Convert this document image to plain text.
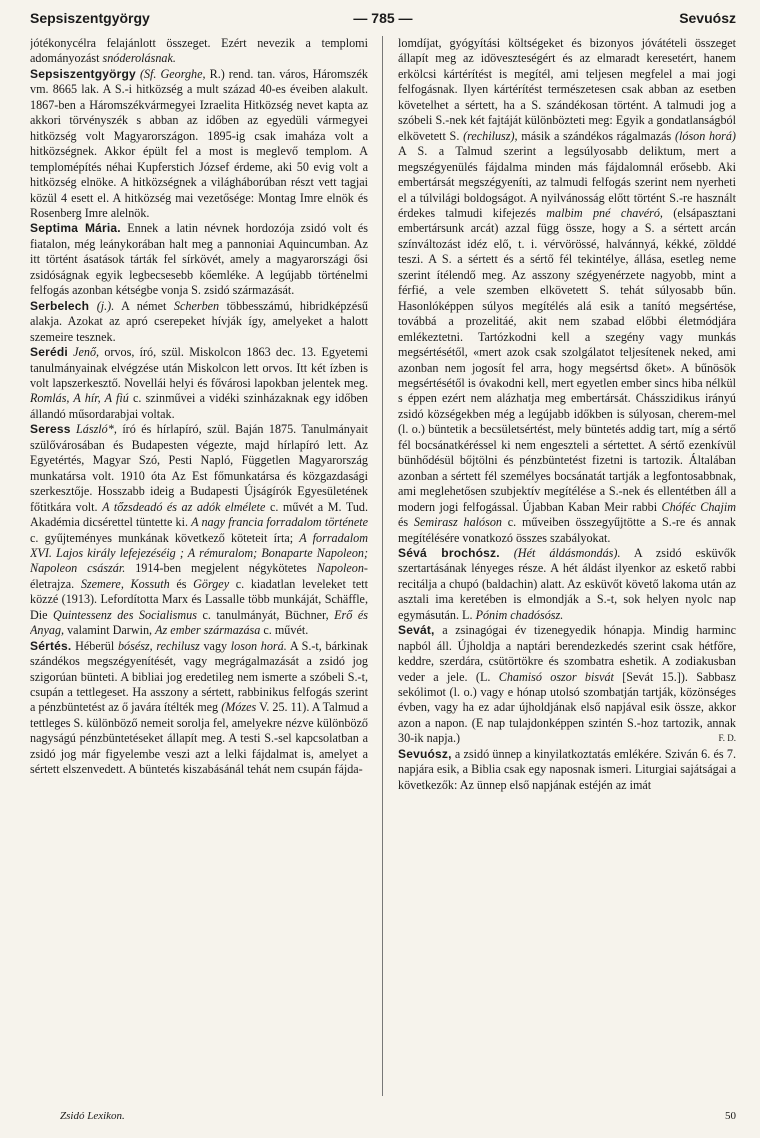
Sepsiszentgyörgy	— 785 —	Sevuósz

jótékonycélra felajánlott összeget. Ezért nevezik a templomi adományozást snóderolásnak.

Sepsiszentgyörgy (Sf. Georghe, R.) rend. tan. város, Háromszék vm. 8665 lak. A S.-i hitközség a mult század 40-es éveiben alakult. 1867-ben a Háromszékvármegyei Izraelita Hitközség nevet kapta az akkori törvényszék s abban az időben az egyedüli vármegyei hitközség volt Magyarországon. 1895-ig csak imaháza volt a hitközségnek. Akkor épült fel a most is meglevő templom. A templomépítés néhai Kupferstich József érdeme, aki 50 evig volt a hitközség elnöke. A hitközségnek a világháborúban részt vett tagjai közül 4 esett el. A hitközség mai vezetősége: Montag Imre elnök és Rosenberg Imre alelnök.

Septima Mária. Ennek a latin névnek hordozója zsidó volt és fiatalon, még leánykorában halt meg a pannoniai Aquincumban. Az itt történt ásatások tárták fel sírkövét, amely a magyarországi ősi zsidóságnak egyik legbecsesebb kőemléke. A legújabb történelmi felfogás azonban kétségbe vonja S. zsidó származását.

Serbelech (j.). A német Scherben többesszámú, hibridképzésű alakja. Azokat az apró cserepeket hívják így, amelyeket a halott szemeire tesznek.

Serédi Jenő, orvos, író, szül. Miskolcon 1863 dec. 13. Egyetemi tanulmányainak elvégzése után Miskolcon lett orvos. Itt két ízben is volt lapszerkesztő. Novellái helyi és fővárosi lapokban jelentek meg. Romlás, A hír, A fiú c. szinművei a vidéki szinházaknak egy időben állandó műsordarabjai voltak.

Seress László*, író és hírlapíró, szül. Baján 1875. Tanulmányait szülővárosában és Budapesten végezte, majd hírlapíró lett. Az Egyetértés, Magyar Szó, Pesti Napló, Független Magyarország munkatársa volt. 1910 óta Az Est főmunkatársa és közgazdasági szerkesztője. Hosszabb ideig a Budapesti Újságírók Egyesületének főtitkára volt. A tőzsdeadó és az adók elmélete c. művét a M. Tud. Akadémia dicsérettel tüntette ki. A nagy francia forradalom története c. gyűjteményes munkának következő köteteit írta; A forradalom XVI. Lajos király lefejezéséig ; A rémuralom; Bonaparte Napoleon; Napoleon császár. 1914-ben megjelent négykötetes Napoleon-életrajza. Szemere, Kossuth és Görgey c. kiadatlan leveleket tett közzé (1913). Lefordította Marx és Lassalle több munkáját, Schäffle, Die Quintessenz des Socialismus c. tanulmányát, Büchner, Erő és Anyag, valamint Darwin, Az ember származása c. művét.

Sértés. Héberül bósész, rechilusz vagy loson horá. A S.-t, bárkinak szándékos megszégyenítését, vagy megrágalmazását a zsidó jog szigorúan bünteti. A bibliai jog eredetileg nem ismerte a szóbeli S.-t, csupán a tettlegeset. Ha asszony a sértett, rabbinikus felfogás szerint a pénzbüntetést az ő javára ítélték meg (Mózes V. 25. 11). A Talmud a tettleges S. különböző nemeit sorolja fel, amelyekre nézve különböző nagyságú pénzbüntetéseket állapít meg. A testi S.-sel kapcsolatban a zsidó jog már figyelembe veszi azt a lelki fájdalmat is, amelyet a sértett elszenvedett. A büntetés kiszabásánál tehát nem csupán fájda-

lomdíjat, gyógyítási költségeket és bizonyos jóvátételi összeget állapít meg az idöveszteségért és az elmaradt keresetért, hanem erkölcsi kártérítést is megítél, ami teljesen megfelel a mai jogi felfogásnak. Ilyen kártérítést természetesen csak abban az esetben követelhet a sértett, ha a S. szándékosan történt. A talmudi jog a szóbeli S.-nek két fajtáját különbözteti meg: Egyik a gondatlanságból elkövetett S. (rechilusz), másik a szándékos rágalmazás (lóson horá) A S. a Talmud szerint a legsúlyosabb deliktum, mert a megszégyenülés fájdalma minden más fájdalomnál erősebb. Aki embertársát megszégyeníti, az talmudi felfogás szerint nem nyerheti el a túlvilági boldogságot. A nyilvánosság előtt történt S.-re használt érdekes talmudi kifejezés malbim pné chavéró, (elsápasztani embertársunk arcát) azzal függ össze, hogy a S. a sértett arcán színváltozást idéz elő, t. i. vérvörössé, halvánnyá, kékké, zölddé teszi. A S. a sértett és a sértő fél tekintélye, állása, esetleg neme szerint ítélendő meg. Az asszony szégyenérzete nagyobb, mint a férfié, a vele szemben elkövetett S. tehát súlyosabb bűn. Hasonlóképpen súlyos megítélés alá esik a tanító megsértése, továbbá a prozelitáé, akit nem szabad előbbi életmódjára emlékeztetni. Tartózkodni kell a szegény vagy munkás megsértésétől, «mert azok csak szolgálatot teljesítenek neked, ami azonban nem jogosít fel arra, hogy megsértsd őket». A bűnösök megsértésétől is óvakodni kell, mert egyetlen ember sincs hiba nélkül s éppen ezért nem alázhatja meg embertársát. Chásszidikus irányú zsidó községekben még a legújabb időkben is súlyosan, cherem-mel (l. o.) büntetik a becsületsértést, mely büntetés addig tart, míg a sértő fél bocsánatkéréssel ki nem engeszteli a sértettet. A sértő ezenkívül bünhődésül bőjtölni és pénzbüntetést fizetni is tartozik. Általában azonban a sértett fél személyes bocsánatát tartják a legfontosabbnak, ami meglehetősen szubjektív megítélése a S.-nek és ellentétben áll a modern jogi felfogással. Újabban Kaban Meir rabbi Chóféc Chajim és Semirasz halóson c. műveiben összegyűjtötte a S.-re és annak megítélésére vonatkozó összes szabályokat.

Sévá brochósz. (Hét áldásmondás). A zsidó esküvők szertartásának lényeges része. A hét áldást ilyenkor az eskető rabbi recitálja a chupó (baldachin) alatt. Az esküvőt követő lakoma után az asztali ima keretében is elmondják a S.-t, sok helyen nyolc nap egymásután. L. Pónim chadósósz.

Sevát, a zsinagógai év tizenegyedik hónapja. Mindig harminc napból áll. Újholdja a naptári berendezkedés szerint csak hétfőre, keddre, szerdára, csütörtökre és szombatra eshetik. A zodiakusban veder a jele. (L. Chamisó oszor bisvát [Sevát 15.]). Sabbasz sekólimot (l. o.) vagy e hónap utolsó szombatján tartják, közönséges évben, vagy ha ez adar újholdjának első napjával esik össze, akkor azon a napon. (E nap tulajdonképpen szintén S.-hoz tartozik, annak 30-ik napja.)	F. D.

Sevuósz, a zsidó ünnep a kinyilatkoztatás emlékére. Sziván 6. és 7. napjára esik, a Biblia csak egy naposnak ismeri. Liturgiai sajátságai a következők: Az ünnep első napjának estéjén az imát

Zsidó Lexikon.	50
